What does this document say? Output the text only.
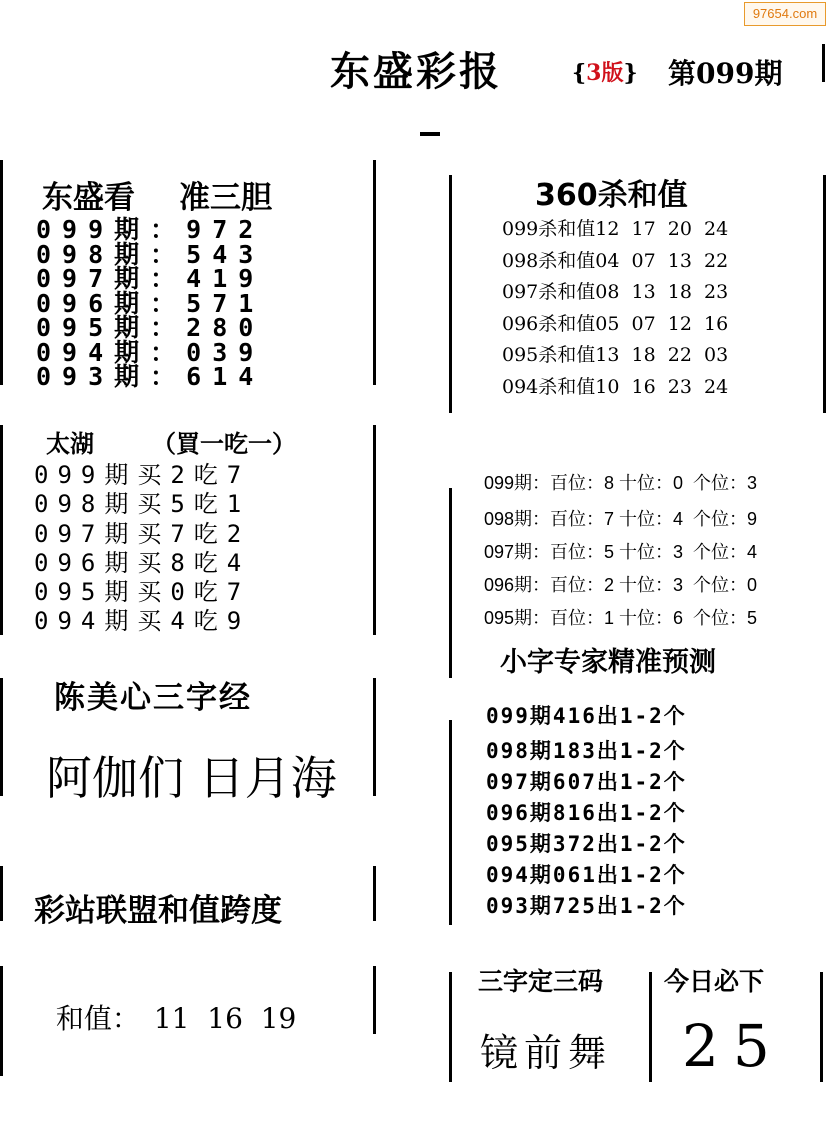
97654.com
东盛彩报	{3版} 第099期
东盛看 准三胆
099期：972
098期：543
097期：419
096期：571
095期：280
094期：039
093期：614
360杀和值
099杀和值12  17  20  24
098杀和值04  07  13  22
097杀和值08  13  18  23
096杀和值05  07  12  16
095杀和值13  18  22  03
094杀和值10  16  23  24
太湖 （買一吃一）
099期买2吃7
098期买5吃1
097期买7吃2
096期买8吃4
095期买0吃7
094期买4吃9
099期：百位：8 十位：0  个位：3
098期：百位：7 十位：4  个位：9
097期：百位：5 十位：3  个位：4
096期：百位：2 十位：3  个位：0
095期：百位：1 十位：6  个位：5
小字专家精准预测
陈美心三字经
阿伽们 日月海
099期416出1-2个
098期183出1-2个
097期607出1-2个
096期816出1-2个
095期372出1-2个
094期061出1-2个
093期725出1-2个
彩站联盟和值跨度

和值： 11  16  19

三字定三码
镜前舞
今日必下
25
